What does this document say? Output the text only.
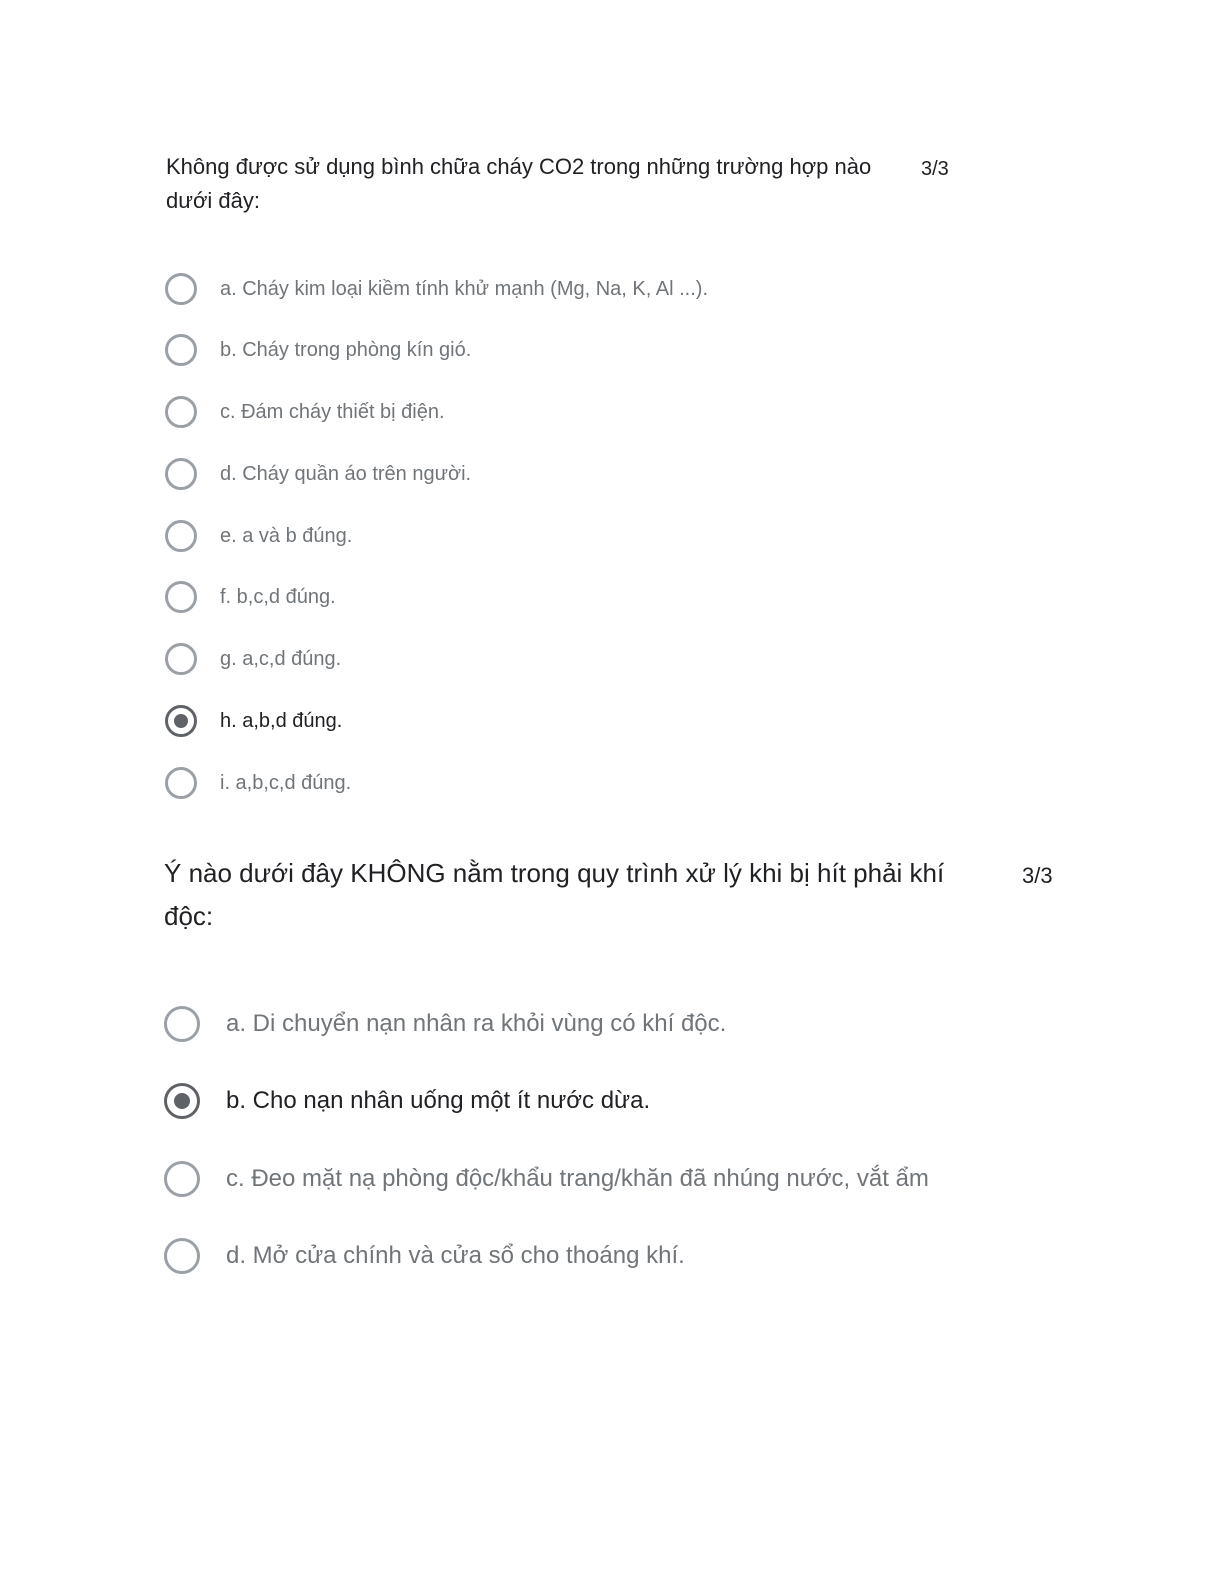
Không được sử dụng bình chữa cháy CO2 trong những trường hợp nào dưới đây:
3/3
a. Cháy kim loại kiềm tính khử mạnh (Mg, Na, K, Al ...).
b. Cháy trong phòng kín gió.
c. Đám cháy thiết bị điện.
d. Cháy quần áo trên người.
e. a và b đúng.
f. b,c,d đúng.
g. a,c,d đúng.
h. a,b,d đúng.
i. a,b,c,d đúng.
Ý nào dưới đây KHÔNG nằm trong quy trình xử lý khi bị hít phải khí độc:
3/3
a. Di chuyển nạn nhân ra khỏi vùng có khí độc.
b. Cho nạn nhân uống một ít nước dừa.
c. Đeo mặt nạ phòng độc/khẩu trang/khăn đã nhúng nước, vắt ẩm
d. Mở cửa chính và cửa sổ cho thoáng khí.
